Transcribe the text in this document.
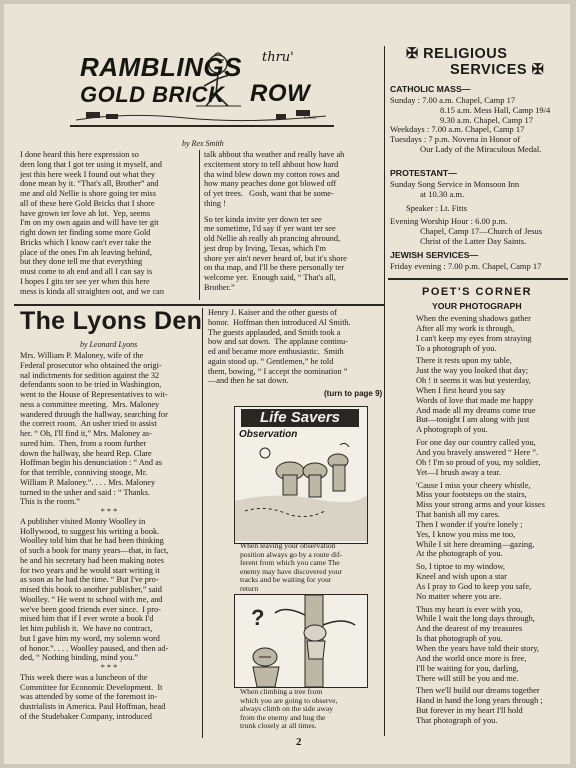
RAMBLINGS thru'
GOLD BRICK ROW
Cowie
by Rex Smith
I done heard this here expression so
dern long that I got ter using it myself, and
jest this here week I found out what they
done mean by it. “That's all, Brother” and
me and old Nellie is shore going ter miss
all of these here Gold Bricks that I shore
have grown ter love ah lot.  Yep, seems
I'm on my own again and will have ter git
right down ter finding some more Gold
Bricks which I know can't ever take the
place of the ones I'm ah leaving behind,
but they done tell me that everything
must come to ah end and all I can say is
I hopes I gits ter see yer when this here
mess is kinda all straighten out, and we can
talk ahbout tha weather and really have ah
excitement story to tell ahbout how hard
tha wind blew down my cotton rows and
how many peaches done got blowed off
of yet trees.   Gosh, want that be some-
thing !
So ter kinda invite yer down ter see
me sometime, I'd say if yer want ter see
old Nellie ah really ah prancing ahround,
jest drop by Irving, Texas, which I'm
shore yer ain't never heard of, but it's shore
on tha map, and I'll be there personally ter
welcome yer.  Enough said, “ That's all,
Brother.”
The Lyons Den
by Leonard Lyons
Mrs. William P. Maloney, wife of the
Federal prosecutor who obtained the origi-
nal indictments for sedition against the 32
defendants soon to be tried in Washington,
went to the House of Representatives to wit-
ness a committee meeting.  Mrs. Maloney
wandered through the hallway, searching for
the correct room.  An usher tried to assist
her. “ Oh, I'll find it,” Mrs. Maloney as-
sured him.  Then, from a room further
down the hallway, she heard Rep. Clare
Hoffman begin his denunciation : “ And as
for that terrible, conniving stooge, Mr.
William P. Maloney.”. . . . Mrs. Maloney
turned to the usher and said : “ Thanks.
This is the room.”
* * *
A publisher visited Monty Woolley in
Hollywood, to suggest his writing a book.
Woolley told him that he had been thinking
of such a book for many years—that, in fact,
he and his secretary had been making notes
for two years and he would start writing it
as soon as he had the time. “ But I've pro-
mised this book to another publisher,” said
Woolley. “ He went to school with me, and
we've been good friends ever since.  I pro-
mised him that if I ever wrote a book I'd
let him publish it.  We have no contract,
but I gave him my word, my solemn word
of honor.”. . . . Woolley paused, and then ad-
ded, “ Nothing binding, mind you.”
* * *
This week there was a luncheon of the
Committee for Economic Development.  It
was attended by some of the foremost in-
dustrialists in America. Paul Hoffman, head
of the Studebaker Company, introduced
Henry J. Kaiser and the other guests of
honor.  Hoffman then introduced Al Smith.
The guests applauded, and Smith took a
bow and sat down.  The applause continu-
ed and became more enthusiastic.  Smith
again stood up. “ Gentlemen,” he told
them, bowing, “ I accept the nomination ”
—and then he sat down.
(turn to page 9)
Life Savers
Observation
When leaving your observation
position always go by a route dif-
ferent from which you came The
enemy may have discovered your
tracks and be waiting for your
return
?
When climbing a tree from
which you are going to observe,
always climb on the side away
from the enemy and hug the
trunk closely at all times.
✠ RELIGIOUS
SERVICES ✠
CATHOLIC MASS—
Sunday : 7.00 a.m. Chapel, Camp 17
8.15 a.m. Mess Hall, Camp 19/4
9.30 a.m. Chapel, Camp 17
Weekdays : 7.00 a.m. Chapel, Camp 17
Tuesdays : 7 p.m. Novena in Honor of
Our Lady of the Miraculous Medal.
PROTESTANT—
Sunday Song Service in Monsoon Inn
at 10.30 a.m.
Speaker : Lt. Fitts
Evening Worship Hour : 6.00 p.m.
Chapel, Camp 17—Church of Jesus
Christ of the Latter Day Saints.
JEWISH SERVICES—
Friday evening : 7.00 p.m. Chapel, Camp 17
POET'S CORNER
YOUR PHOTOGRAPH
When the evening shadows gather
After all my work is through,
I can't keep my eyes from straying
To a photograph of you.
There it rests upon my table,
Just the way you looked that day;
Oh ! it seems it was but yesterday,
When I first heard you say
Words of love that made me happy
And made all my dreams come true
But—tonight I am along with just
A photograph of you.
For one day our country called you,
And you bravely answered “ Here ”.
Oh ! I'm so proud of you, my soldier,
Yet—I brush away a tear.
'Cause I miss your cheery whistle,
Miss your footsteps on the stairs,
Miss your strong arms and your kisses
That banish all my cares.
Then I wonder if you're lonely ;
Yes, I know you miss me too,
While I sit here dreaming—gazing,
At the photograph of you.
So, I tiptoe to my window,
Kneel and wish upon a star
As I pray to God to keep you safe,
No matter where you are.
Thus my heart is ever with you,
While I wait the long days through,
And the dearest of my treasures
Is that photograph of you.
When the years have told their story,
And the world once more is free,
I'll be waiting for you, darling,
There will still be you and me.
Then we'll build our dreams together
Hand in hand the long years through ;
But forever in my heart I'll hold
That photograph of you.
2
